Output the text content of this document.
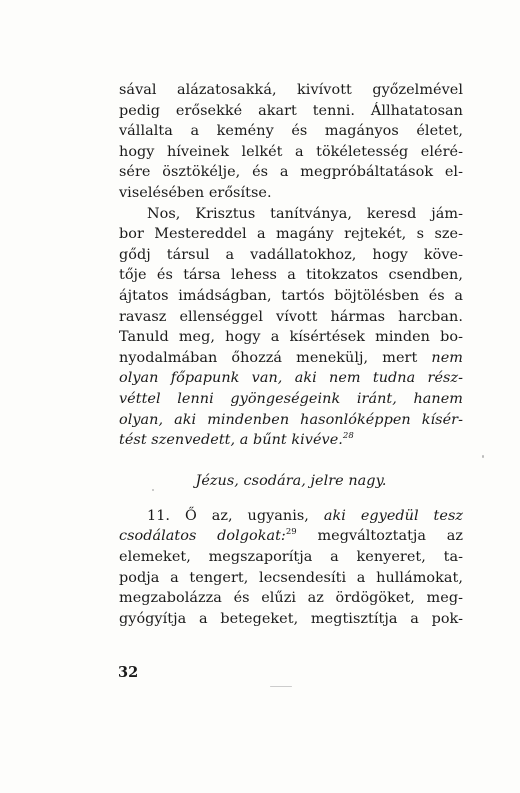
sával alázatosakká, kivívott győzelmével
pedig erősekké akart tenni. Állhatatosan
vállalta a kemény és magányos életet,
hogy híveinek lelkét a tökéletesség eléré-
sére ösztökélje, és a megpróbáltatások el-
viselésében erősítse.
Nos, Krisztus tanítványa, keresd jám-
bor Mestereddel a magány rejtekét, s sze-
gődj társul a vadállatokhoz, hogy köve-
tője és társa lehess a titokzatos csendben,
ájtatos imádságban, tartós böjtölésben és a
ravasz ellenséggel vívott hármas harcban.
Tanuld meg, hogy a kísértések minden bo-
nyodalmában őhozzá menekülj, mert nem
olyan főpapunk van, aki nem tudna rész-
véttel lenni gyöngeségeink iránt, hanem
olyan, aki mindenben hasonlóképpen kísér-
tést szenvedett, a bűnt kivéve.$^{28}$
Jézus, csodára, jelre nagy.
11. Ő az, ugyanis, aki egyedül tesz
csodálatos dolgokat:$^{29}$ megváltoztatja az
elemeket, megszaporítja a kenyeret, ta-
podja a tengert, lecsendesíti a hullámokat,
megzabolázza és elűzi az ördögöket, meg-
gyógyítja a betegeket, megtisztítja a pok-
32
